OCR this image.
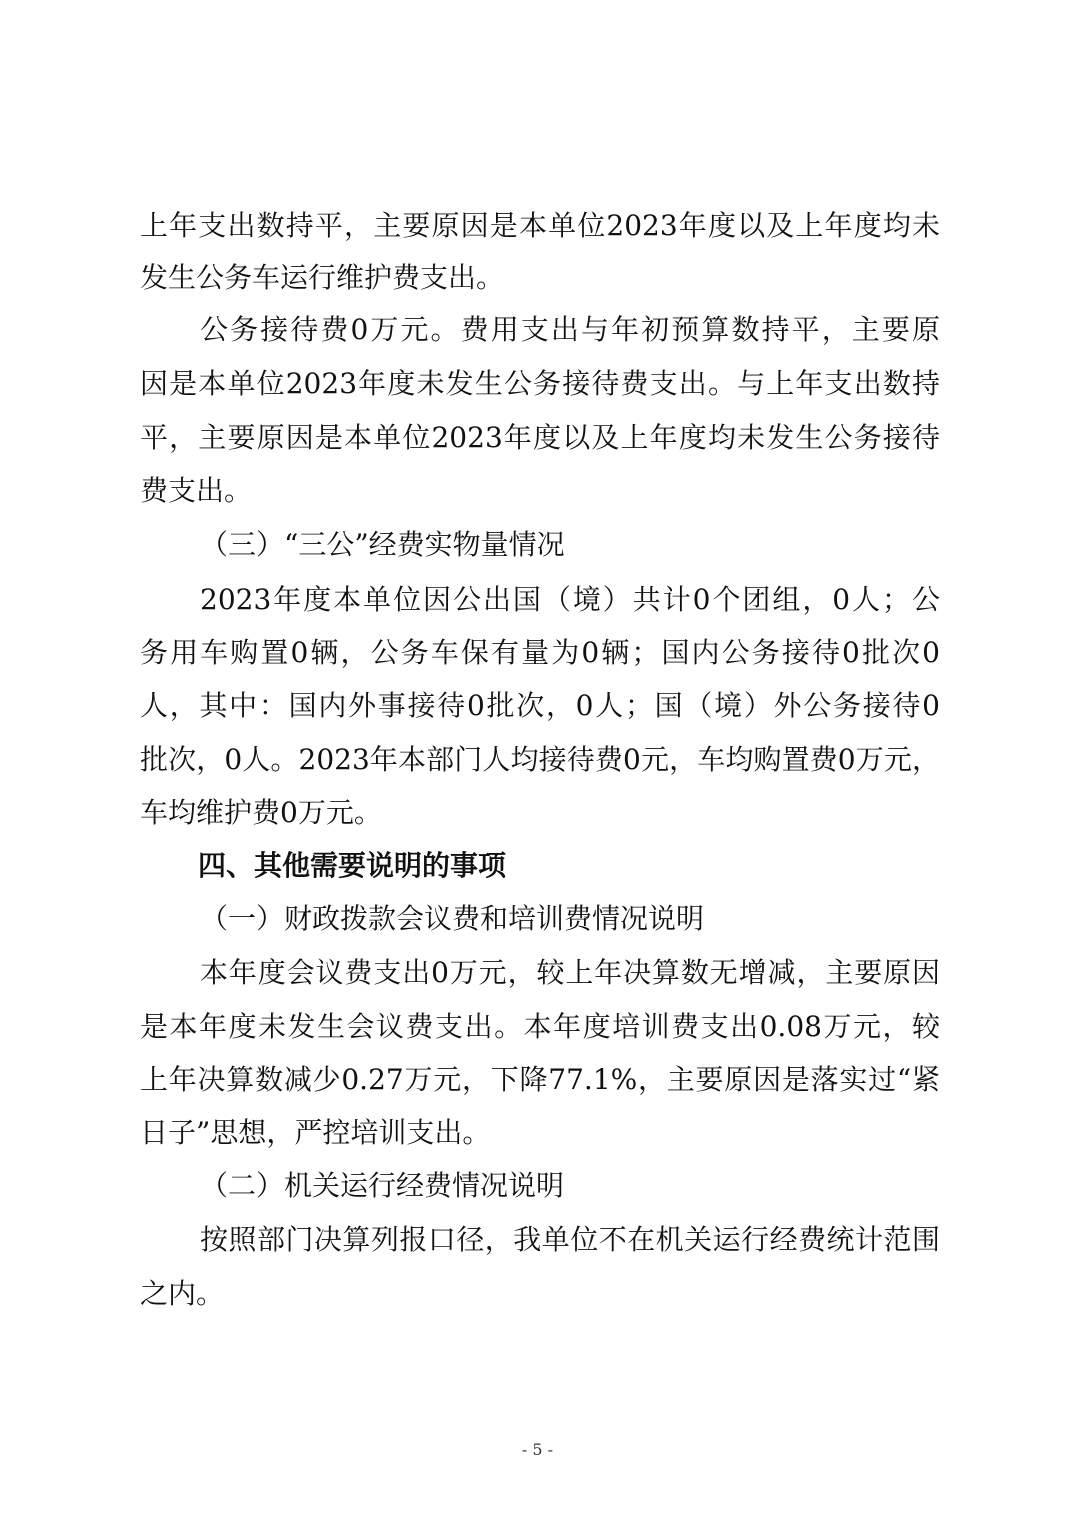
上年支出数持平，主要原因是本单位2023年度以及上年度均未
发生公务车运行维护费支出。
公务接待费0万元。费用支出与年初预算数持平，主要原
因是本单位2023年度未发生公务接待费支出。与上年支出数持
平，主要原因是本单位2023年度以及上年度均未发生公务接待
费支出。
（三）“三公”经费实物量情况
2023年度本单位因公出国（境）共计0个团组，0人；公
务用车购置0辆，公务车保有量为0辆；国内公务接待0批次0
人，其中：国内外事接待0批次，0人；国（境）外公务接待0
批次，0人。2023年本部门人均接待费0元，车均购置费0万元，
车均维护费0万元。
四、其他需要说明的事项
（一）财政拨款会议费和培训费情况说明
本年度会议费支出0万元，较上年决算数无增减，主要原因
是本年度未发生会议费支出。本年度培训费支出0.08万元，较
上年决算数减少0.27万元，下降77.1%，主要原因是落实过“紧
日子”思想，严控培训支出。
（二）机关运行经费情况说明
按照部门决算列报口径，我单位不在机关运行经费统计范围
之内。
- 5 -
